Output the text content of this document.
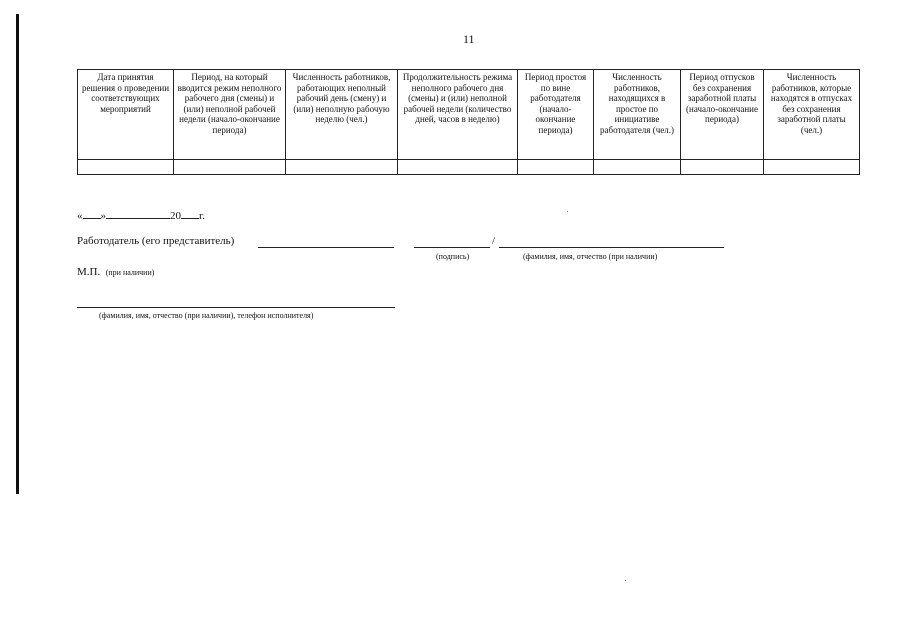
11
Дата принятия решения о проведении соответствующих мероприятий	Период, на который вводится режим неполного рабочего дня (смены) и (или) неполной рабочей недели (начало-окончание периода)	Численность работников, работающих неполный рабочий день (смену) и (или) неполную рабочую неделю (чел.)	Продолжительность режима неполного рабочего дня (смены) и (или) неполной рабочей недели (количество дней, часов в неделю)	Период простоя по вине работодателя (начало-окончание периода)	Численность работников, находящихся в простое по инициативе работодателя (чел.)	Период отпусков без сохранения заработной платы (начало-окончание периода)	Численность работников, которые находятся в отпусках без сохранения заработной платы (чел.)

« »	20 г.
Работодатель (его представитель)	/
(подпись)	(фамилия, имя, отчество (при наличии)
М.П. (при наличии)
(фамилия, имя, отчество (при наличии), телефон исполнителя)
